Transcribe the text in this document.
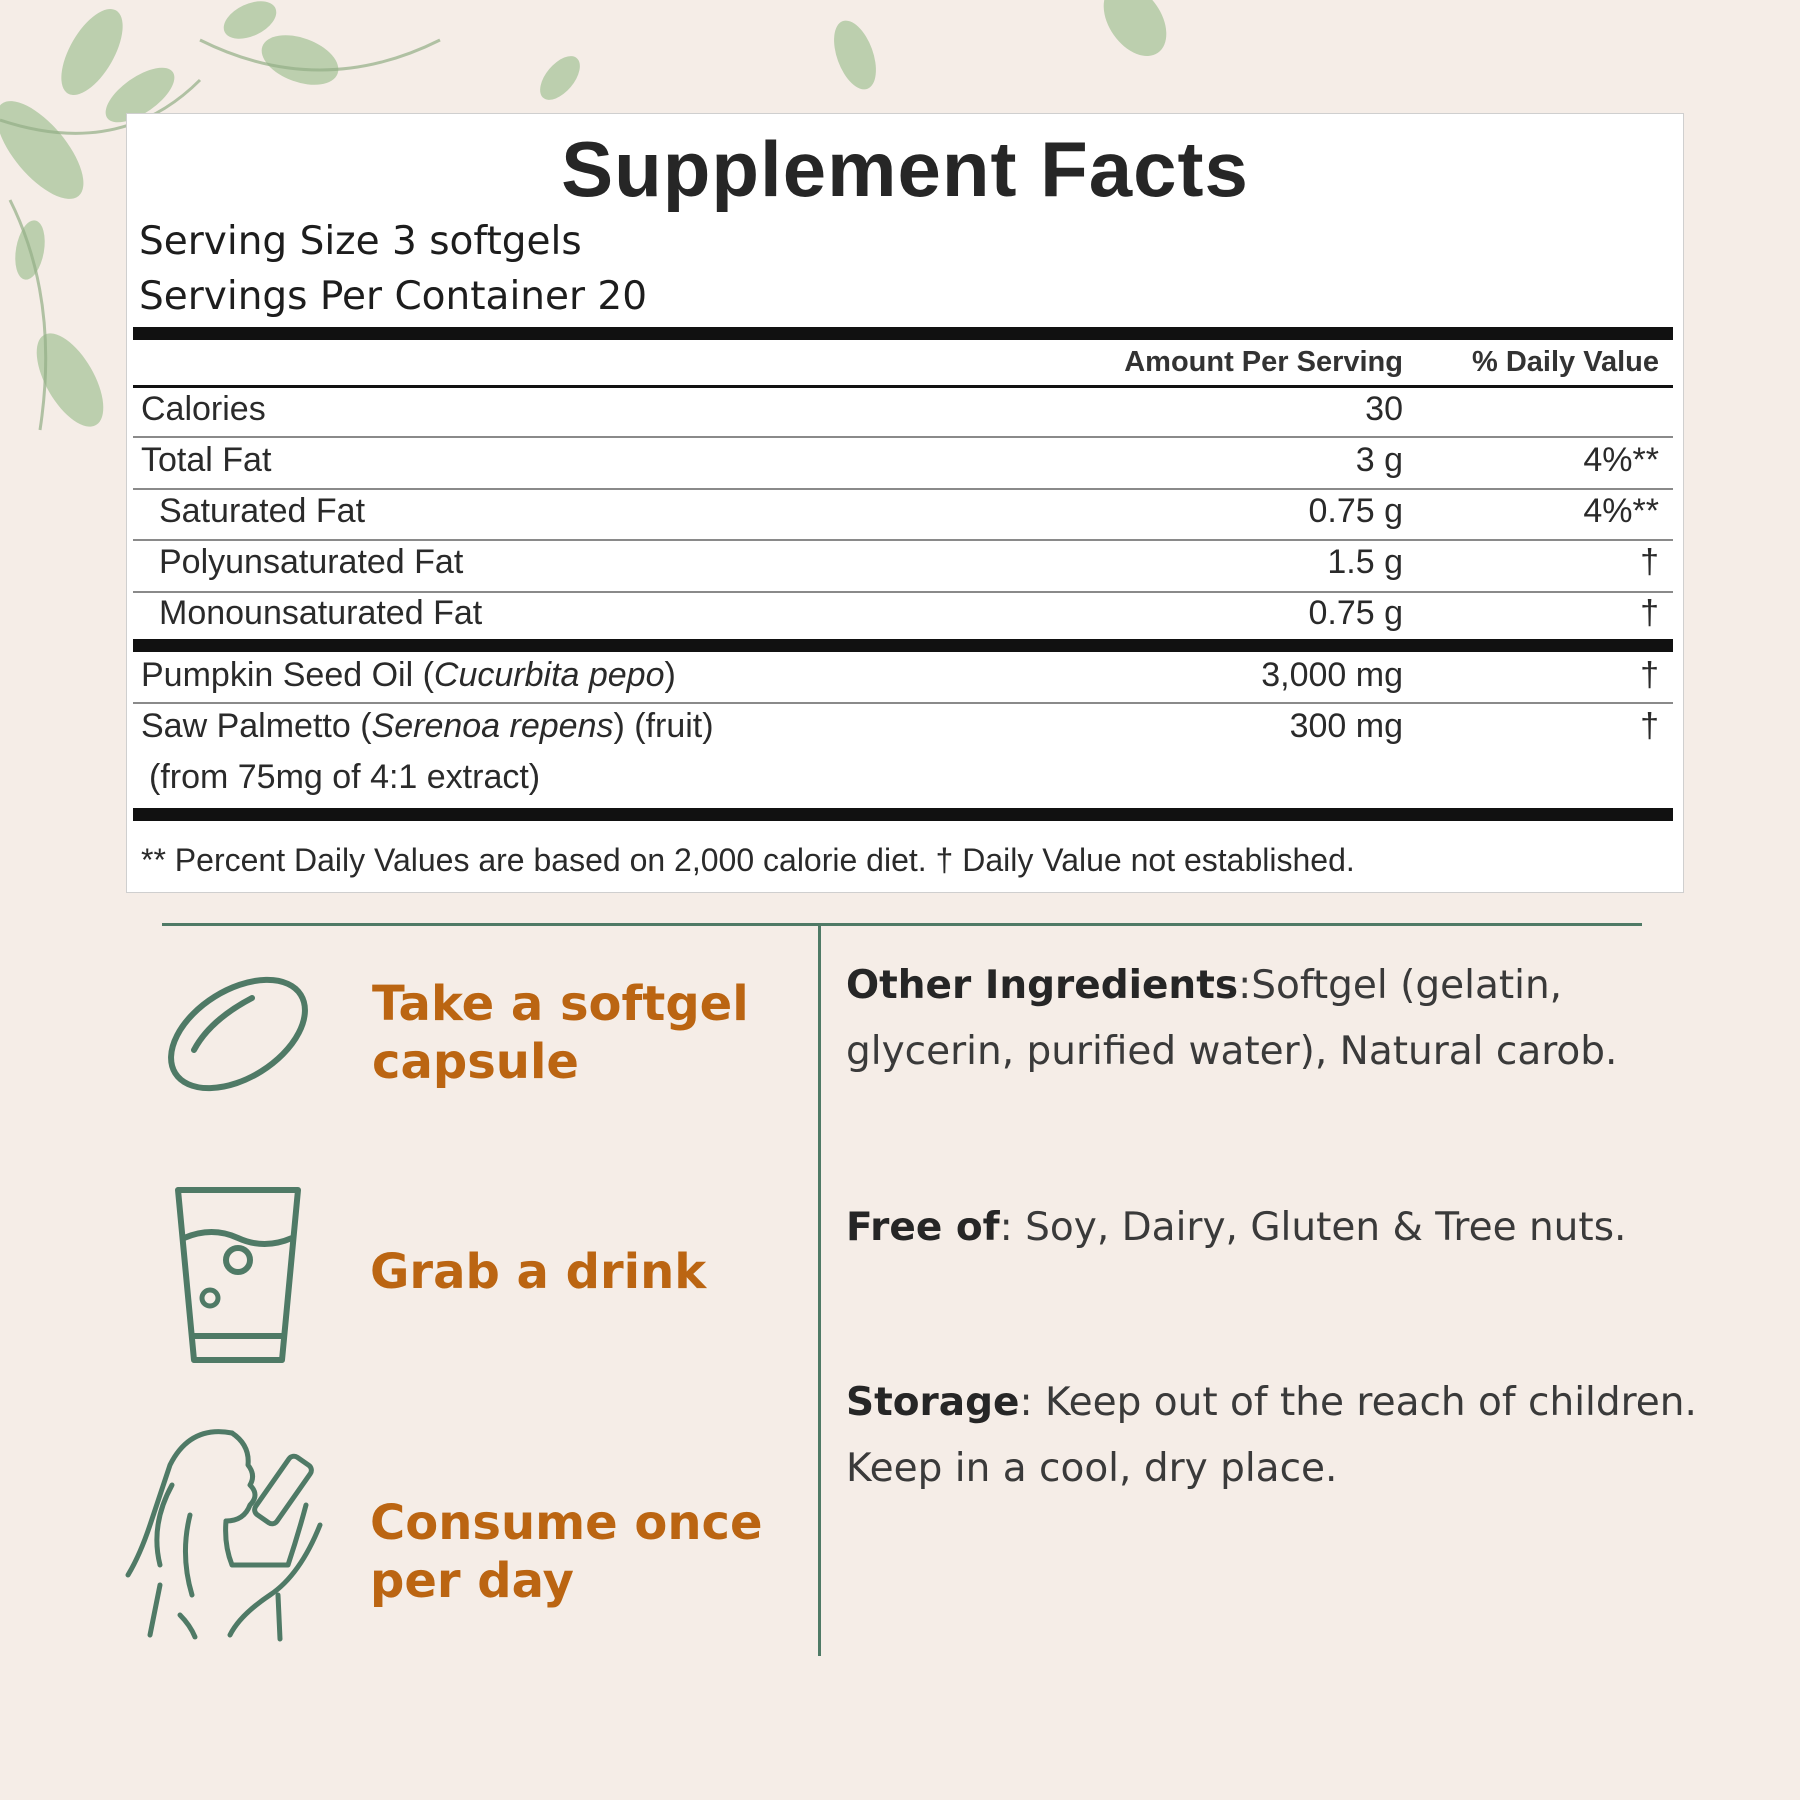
Supplement Facts
Serving Size 3 softgels
Servings Per Container 20
Amount Per Serving % Daily Value
Calories	30
Total Fat	3 g	4%**
Saturated Fat	0.75 g	4%**
Polyunsaturated Fat	1.5 g	†
Monounsaturated Fat	0.75 g	†
Pumpkin Seed Oil (Cucurbita pepo)	3,000 mg	†
Saw Palmetto (Serenoa repens) (fruit)	300 mg	†
(from 75mg of 4:1 extract)
** Percent Daily Values are based on 2,000 calorie diet. † Daily Value not established.
Take a softgel
capsule
Grab a drink
Consume once
per day
Other Ingredients:Softgel (gelatin, glycerin, purified water), Natural carob.
Free of: Soy, Dairy, Gluten & Tree nuts.
Storage: Keep out of the reach of children. Keep in a cool, dry place.
